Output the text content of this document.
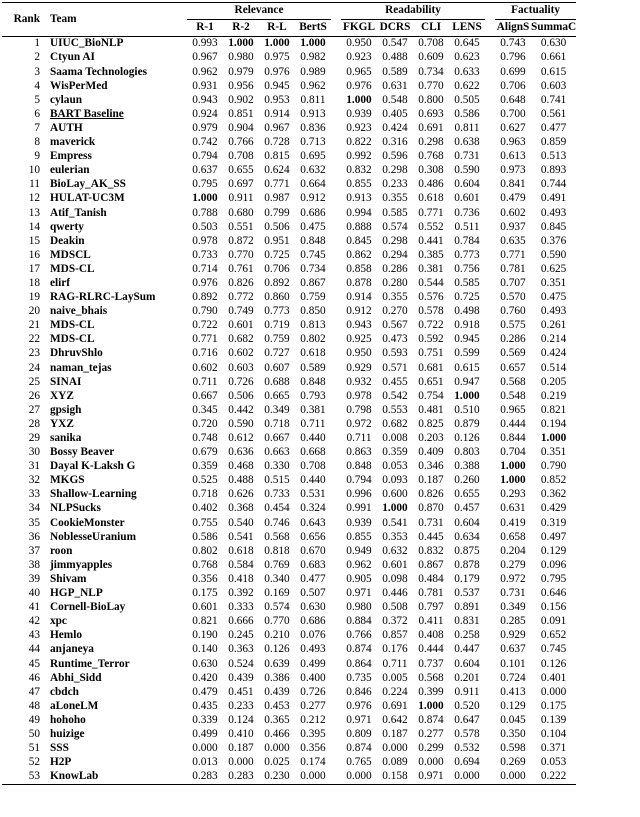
Rank	Team	Relevance					Readability					Factuality	
		R-1	R-2	R-L	BertS		FKGL	DCRS	CLI	LENS		AlignS	SummaC
1	UIUC_BioNLP	0.993	1.000	1.000	1.000		0.950	0.547	0.708	0.645		0.743	0.630
2	Ctyun AI	0.967	0.980	0.975	0.982		0.923	0.488	0.609	0.623		0.796	0.661
3	Saama Technologies	0.962	0.979	0.976	0.989		0.965	0.589	0.734	0.633		0.699	0.615
4	WisPerMed	0.931	0.956	0.945	0.962		0.976	0.631	0.770	0.622		0.706	0.603
5	cylaun	0.943	0.902	0.953	0.811		1.000	0.548	0.800	0.505		0.648	0.741
6	BART Baseline	0.924	0.851	0.914	0.913		0.939	0.405	0.693	0.586		0.700	0.561
7	AUTH	0.979	0.904	0.967	0.836		0.923	0.424	0.691	0.811		0.627	0.477
8	maverick	0.742	0.766	0.728	0.713		0.822	0.316	0.298	0.638		0.963	0.859
9	Empress	0.794	0.708	0.815	0.695		0.992	0.596	0.768	0.731		0.613	0.513
10	eulerian	0.637	0.655	0.624	0.632		0.832	0.298	0.308	0.590		0.973	0.893
11	BioLay_AK_SS	0.795	0.697	0.771	0.664		0.855	0.233	0.486	0.604		0.841	0.744
12	HULAT-UC3M	1.000	0.911	0.987	0.912		0.913	0.355	0.618	0.601		0.479	0.491
13	Atif_Tanish	0.788	0.680	0.799	0.686		0.994	0.585	0.771	0.736		0.602	0.493
14	qwerty	0.503	0.551	0.506	0.475		0.888	0.574	0.552	0.511		0.937	0.845
15	Deakin	0.978	0.872	0.951	0.848		0.845	0.298	0.441	0.784		0.635	0.376
16	MDSCL	0.733	0.770	0.725	0.745		0.862	0.294	0.385	0.773		0.771	0.590
17	MDS-CL	0.714	0.761	0.706	0.734		0.858	0.286	0.381	0.756		0.781	0.625
18	elirf	0.976	0.826	0.892	0.867		0.878	0.280	0.544	0.585		0.707	0.351
19	RAG-RLRC-LaySum	0.892	0.772	0.860	0.759		0.914	0.355	0.576	0.725		0.570	0.475
20	naive_bhais	0.790	0.749	0.773	0.850		0.912	0.270	0.578	0.498		0.760	0.493
21	MDS-CL	0.722	0.601	0.719	0.813		0.943	0.567	0.722	0.918		0.575	0.261
22	MDS-CL	0.771	0.682	0.759	0.802		0.925	0.473	0.592	0.945		0.286	0.214
23	DhruvShlo	0.716	0.602	0.727	0.618		0.950	0.593	0.751	0.599		0.569	0.424
24	naman_tejas	0.602	0.603	0.607	0.589		0.929	0.571	0.681	0.615		0.657	0.514
25	SINAI	0.711	0.726	0.688	0.848		0.932	0.455	0.651	0.947		0.568	0.205
26	XYZ	0.667	0.506	0.665	0.793		0.978	0.542	0.754	1.000		0.548	0.219
27	gpsigh	0.345	0.442	0.349	0.381		0.798	0.553	0.481	0.510		0.965	0.821
28	YXZ	0.720	0.590	0.718	0.711		0.972	0.682	0.825	0.879		0.444	0.194
29	sanika	0.748	0.612	0.667	0.440		0.711	0.008	0.203	0.126		0.844	1.000
30	Bossy Beaver	0.679	0.636	0.663	0.668		0.863	0.359	0.409	0.803		0.704	0.351
31	Dayal K-Laksh G	0.359	0.468	0.330	0.708		0.848	0.053	0.346	0.388		1.000	0.790
32	MKGS	0.525	0.488	0.515	0.440		0.794	0.093	0.187	0.260		1.000	0.852
33	Shallow-Learning	0.718	0.626	0.733	0.531		0.996	0.600	0.826	0.655		0.293	0.362
34	NLPSucks	0.402	0.368	0.454	0.324		0.991	1.000	0.870	0.457		0.631	0.429
35	CookieMonster	0.755	0.540	0.746	0.643		0.939	0.541	0.731	0.604		0.419	0.319
36	NoblesseUranium	0.586	0.541	0.568	0.656		0.855	0.353	0.445	0.634		0.658	0.497
37	roon	0.802	0.618	0.818	0.670		0.949	0.632	0.832	0.875		0.204	0.129
38	jimmyapples	0.768	0.584	0.769	0.683		0.962	0.601	0.867	0.878		0.279	0.096
39	Shivam	0.356	0.418	0.340	0.477		0.905	0.098	0.484	0.179		0.972	0.795
40	HGP_NLP	0.175	0.392	0.169	0.507		0.971	0.446	0.781	0.537		0.731	0.646
41	Cornell-BioLay	0.601	0.333	0.574	0.630		0.980	0.508	0.797	0.891		0.349	0.156
42	xpc	0.821	0.666	0.770	0.686		0.884	0.372	0.411	0.831		0.285	0.091
43	Hemlo	0.190	0.245	0.210	0.076		0.766	0.857	0.408	0.258		0.929	0.652
44	anjaneya	0.140	0.363	0.126	0.493		0.874	0.176	0.444	0.447		0.637	0.745
45	Runtime_Terror	0.630	0.524	0.639	0.499		0.864	0.711	0.737	0.604		0.101	0.126
46	Abhi_Sidd	0.420	0.439	0.386	0.400		0.735	0.005	0.568	0.201		0.724	0.401
47	cbdch	0.479	0.451	0.439	0.726		0.846	0.224	0.399	0.911		0.413	0.000
48	aLoneLM	0.435	0.233	0.453	0.277		0.976	0.691	1.000	0.520		0.129	0.175
49	hohoho	0.339	0.124	0.365	0.212		0.971	0.642	0.874	0.647		0.045	0.139
50	huizige	0.499	0.410	0.466	0.395		0.809	0.187	0.277	0.578		0.350	0.104
51	SSS	0.000	0.187	0.000	0.356		0.874	0.000	0.299	0.532		0.598	0.371
52	H2P	0.013	0.000	0.025	0.174		0.765	0.089	0.000	0.694		0.269	0.053
53	KnowLab	0.283	0.283	0.230	0.000		0.000	0.158	0.971	0.000		0.000	0.222
